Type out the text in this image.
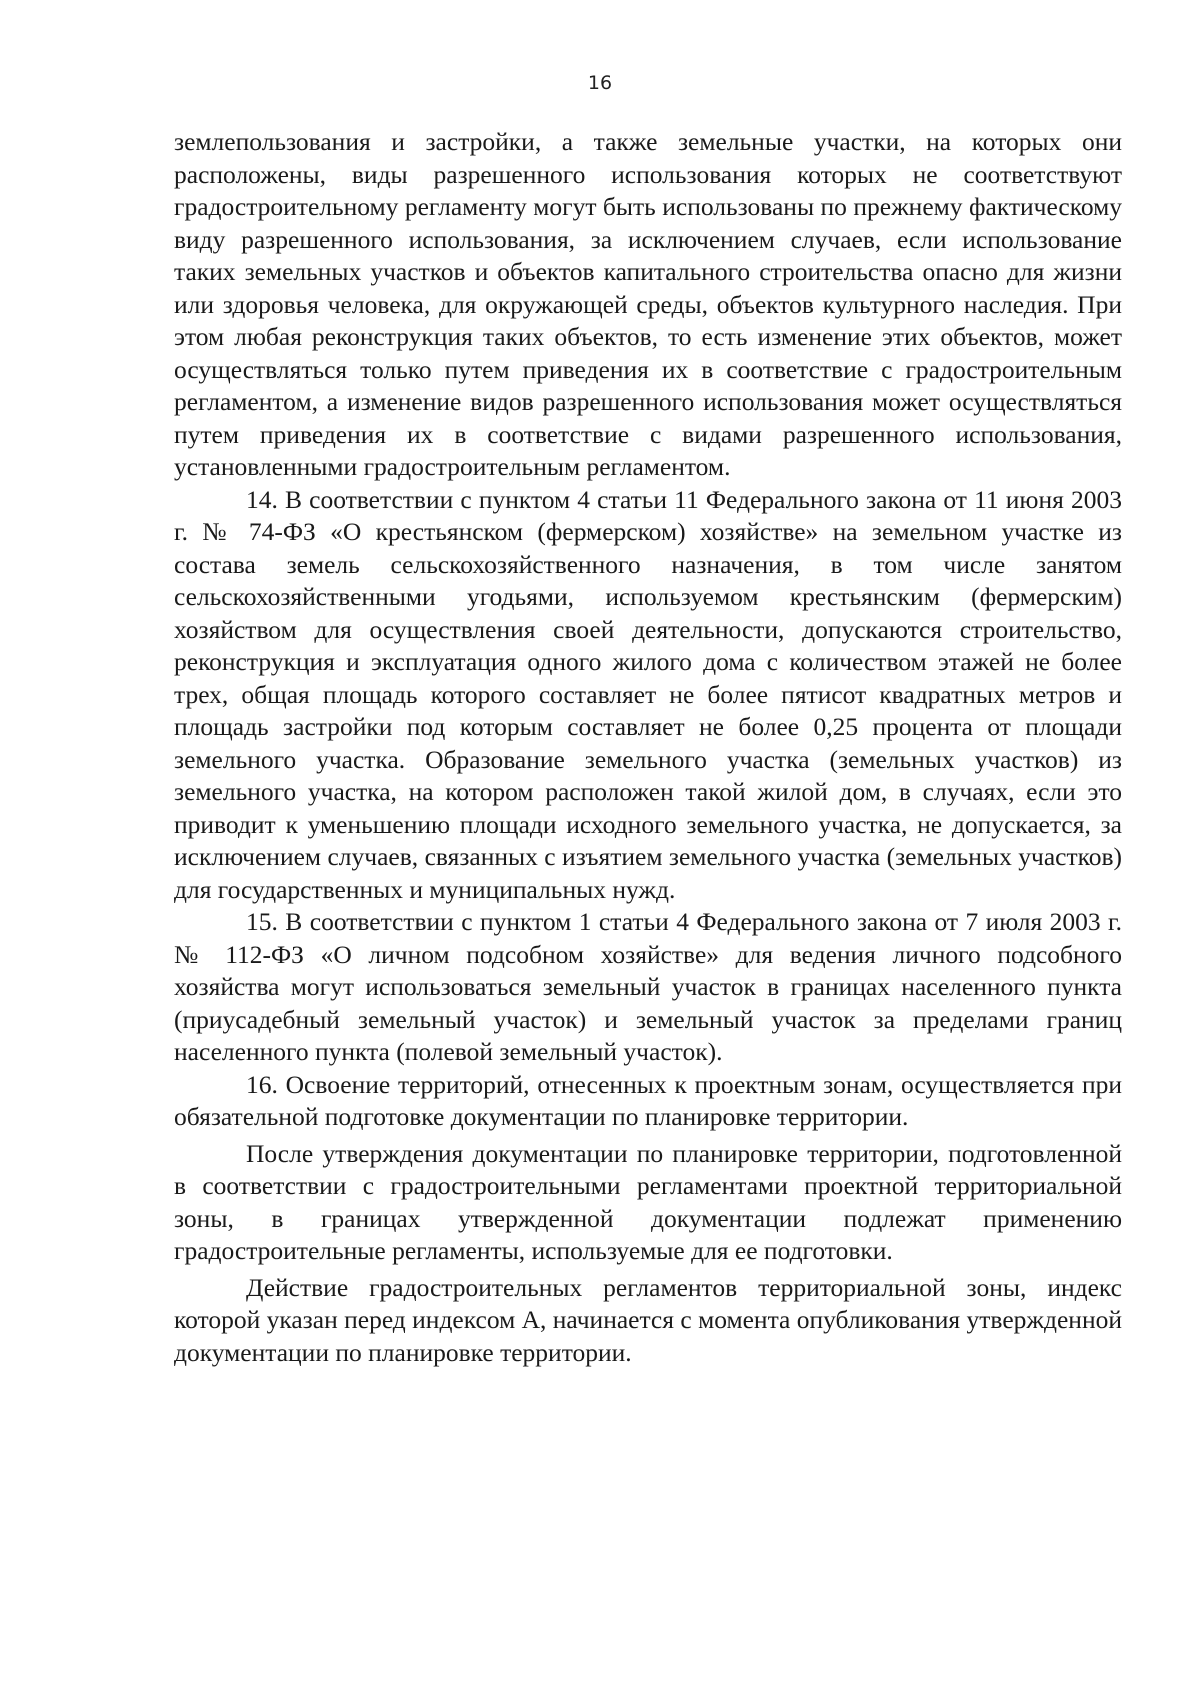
16

землепользования и застройки, а также земельные участки, на которых они расположены, виды разрешенного использования которых не соответствуют градостроительному регламенту могут быть использованы по прежнему фактическому виду разрешенного использования, за исключением случаев, если использование таких земельных участков и объектов капитального строительства опасно для жизни или здоровья человека, для окружающей среды, объектов культурного наследия. При этом любая реконструкция таких объектов, то есть изменение этих объектов, может осуществляться только путем приведения их в соответствие с градостроительным регламентом, а изменение видов разрешенного использования может осуществляться путем приведения их в соответствие с видами разрешенного использования, установленными градостроительным регламентом.

14. В соответствии с пунктом 4 статьи 11 Федерального закона от 11 июня 2003 г. № 74-ФЗ «О крестьянском (фермерском) хозяйстве» на земельном участке из состава земель сельскохозяйственного назначения, в том числе занятом сельскохозяйственными угодьями, используемом крестьянским (фермерским) хозяйством для осуществления своей деятельности, допускаются строительство, реконструкция и эксплуатация одного жилого дома с количеством этажей не более трех, общая площадь которого составляет не более пятисот квадратных метров и площадь застройки под которым составляет не более 0,25 процента от площади земельного участка. Образование земельного участка (земельных участков) из земельного участка, на котором расположен такой жилой дом, в случаях, если это приводит к уменьшению площади исходного земельного участка, не допускается, за исключением случаев, связанных с изъятием земельного участка (земельных участков) для государственных и муниципальных нужд.

15. В соответствии с пунктом 1 статьи 4 Федерального закона от 7 июля 2003 г. № 112-ФЗ «О личном подсобном хозяйстве» для ведения личного подсобного хозяйства могут использоваться земельный участок в границах населенного пункта (приусадебный земельный участок) и земельный участок за пределами границ населенного пункта (полевой земельный участок).

16. Освоение территорий, отнесенных к проектным зонам, осуществляется при обязательной подготовке документации по планировке территории.

После утверждения документации по планировке территории, подготовленной в соответствии с градостроительными регламентами проектной территориальной зоны, в границах утвержденной документации подлежат применению градостроительные регламенты, используемые для ее подготовки.

Действие градостроительных регламентов территориальной зоны, индекс которой указан перед индексом А, начинается с момента опубликования утвержденной документации по планировке территории.
